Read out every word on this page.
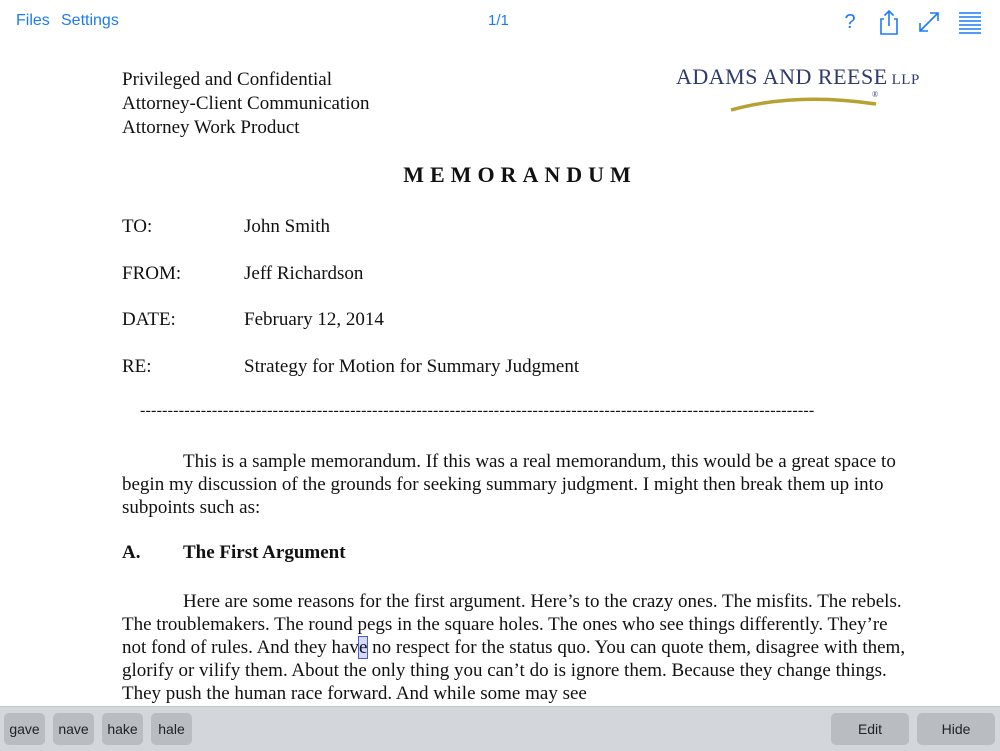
Files Settings	1/1	?
Privileged and Confidential
Attorney-Client Communication
Attorney Work Product
ADAMS AND REESE LLP
®
MEMORANDUM
TO:	John Smith
FROM:	Jeff Richardson
DATE:	February 12, 2014
RE:	Strategy for Motion for Summary Judgment
--------------------------------------------------------------------------------------------------------------------------
This is a sample memorandum. If this was a real memorandum, this would be a great space to begin my discussion of the grounds for seeking summary judgment. I might then break them up into subpoints such as:
A. The First Argument
Here are some reasons for the first argument. Here’s to the crazy ones. The misfits. The rebels. The troublemakers. The round pegs in the square holes. The ones who see things differently. They’re not fond of rules. And they have no respect for the status quo. You can quote them, disagree with them, glorify or vilify them. About the only thing you can’t do is ignore them. Because they change things. They push the human race forward. And while some may see
gave	nave	hake	hale	Edit	Hide
